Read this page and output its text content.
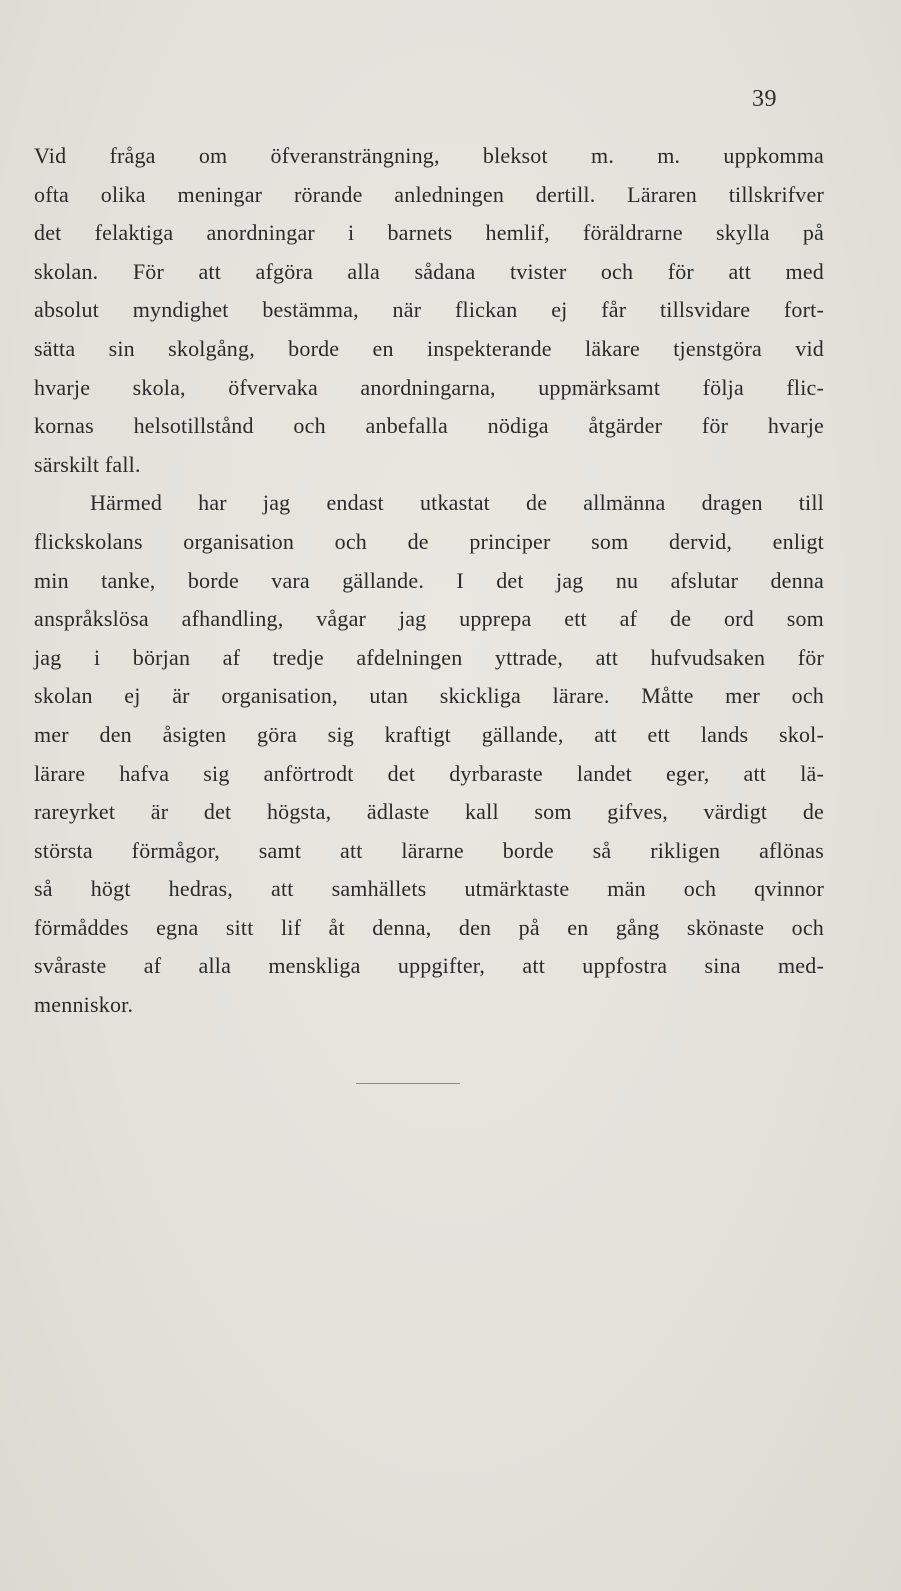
39
Vid fråga om öfveransträngning, bleksot m. m. uppkomma
ofta olika meningar rörande anledningen dertill. Läraren tillskrifver
det felaktiga anordningar i barnets hemlif, föräldrarne skylla på
skolan. För att afgöra alla sådana tvister och för att med
absolut myndighet bestämma, när flickan ej får tillsvidare fort-
sätta sin skolgång, borde en inspekterande läkare tjenstgöra vid
hvarje skola, öfvervaka anordningarna, uppmärksamt följa flic-
kornas helsotillstånd och anbefalla nödiga åtgärder för hvarje
särskilt fall.
Härmed har jag endast utkastat de allmänna dragen till
flickskolans organisation och de principer som dervid, enligt
min tanke, borde vara gällande. I det jag nu afslutar denna
anspråkslösa afhandling, vågar jag upprepa ett af de ord som
jag i början af tredje afdelningen yttrade, att hufvudsaken för
skolan ej är organisation, utan skickliga lärare. Måtte mer och
mer den åsigten göra sig kraftigt gällande, att ett lands skol-
lärare hafva sig anförtrodt det dyrbaraste landet eger, att lä-
rareyrket är det högsta, ädlaste kall som gifves, värdigt de
största förmågor, samt att lärarne borde så rikligen aflönas
så högt hedras, att samhällets utmärktaste män och qvinnor
förmåddes egna sitt lif åt denna, den på en gång skönaste och
svåraste af alla menskliga uppgifter, att uppfostra sina med-
menniskor.
